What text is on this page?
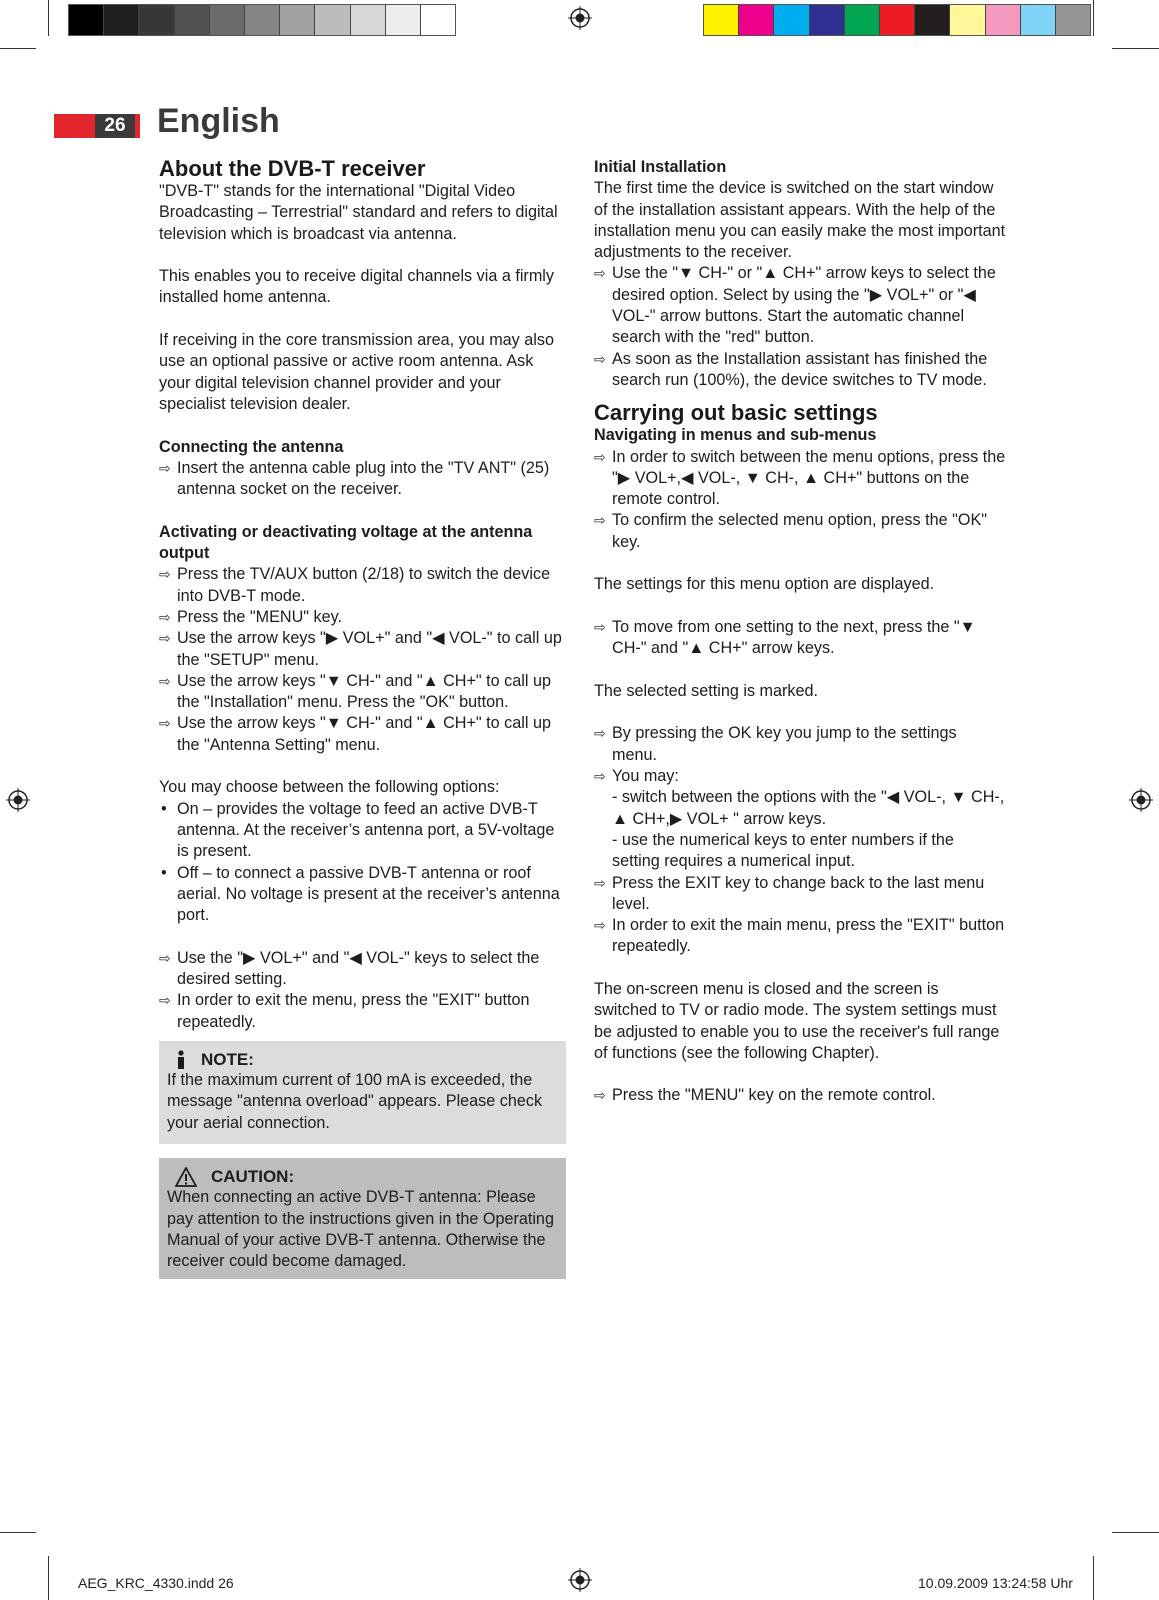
26 English

About the DVB-T receiver

"DVB-T" stands for the international "Digital Video Broadcasting – Terrestrial" standard and refers to digital television which is broadcast via antenna.

This enables you to receive digital channels via a firmly installed home antenna.

If receiving in the core transmission area, you may also use an optional passive or active room antenna. Ask your digital television channel provider and your specialist television dealer.

Connecting the antenna

⇨ Insert the antenna cable plug into the "TV ANT" (25) antenna socket on the receiver.

Activating or deactivating voltage at the antenna output

⇨ Press the TV/AUX button (2/18) to switch the device into DVB-T mode.
⇨ Press the "MENU" key.
⇨ Use the arrow keys "▶ VOL+" and "◀ VOL-" to call up the "SETUP" menu.
⇨ Use the arrow keys "▼ CH-" and "▲ CH+" to call up the "Installation" menu. Press the "OK" button.
⇨ Use the arrow keys "▼ CH-" and "▲ CH+" to call up the "Antenna Setting" menu.

You may choose between the following options:

• On – provides the voltage to feed an active DVB-T antenna. At the receiver’s antenna port, a 5V-voltage is present.
• Off – to connect a passive DVB-T antenna or roof aerial. No voltage is present at the receiver’s antenna port.
⇨ Use the "▶ VOL+" and "◀ VOL-" keys to select the desired setting.
⇨ In order to exit the menu, press the "EXIT" button repeatedly.
NOTE:

If the maximum current of 100 mA is exceeded, the message "antenna overload" appears. Please check your aerial connection.

CAUTION:

When connecting an active DVB-T antenna: Please pay attention to the instructions given in the Operating Manual of your active DVB-T antenna. Otherwise the receiver could become damaged.

Initial Installation

The first time the device is switched on the start window of the installation assistant appears. With the help of the installation menu you can easily make the most important adjustments to the receiver.

⇨ Use the "▼ CH-" or "▲ CH+" arrow keys to select the desired option. Select by using the "▶ VOL+" or "◀ VOL-" arrow buttons. Start the automatic channel search with the "red" button.
⇨ As soon as the Installation assistant has finished the search run (100%), the device switches to TV mode.

Carrying out basic settings

Navigating in menus and sub-menus

⇨ In order to switch between the menu options, press the "▶ VOL+,◀ VOL-, ▼ CH-, ▲ CH+" buttons on the remote control.
⇨ To confirm the selected menu option, press the "OK" key.

The settings for this menu option are displayed.

⇨ To move from one setting to the next, press the "▼ CH-" and "▲ CH+" arrow keys.

The selected setting is marked.

⇨ By pressing the OK key you jump to the settings menu.
⇨ You may:
- switch between the options with the "◀ VOL-, ▼ CH-, ▲ CH+,▶ VOL+ " arrow keys.
- use the numerical keys to enter numbers if the setting requires a numerical input.
⇨ Press the EXIT key to change back to the last menu level.
⇨ In order to exit the main menu, press the "EXIT" button repeatedly.

The on-screen menu is closed and the screen is switched to TV or radio mode. The system settings must be adjusted to enable you to use the receiver's full range of functions (see the following Chapter).

⇨ Press the "MENU" key on the remote control.
AEG_KRC_4330.indd 26	10.09.2009 13:24:58 Uhr
